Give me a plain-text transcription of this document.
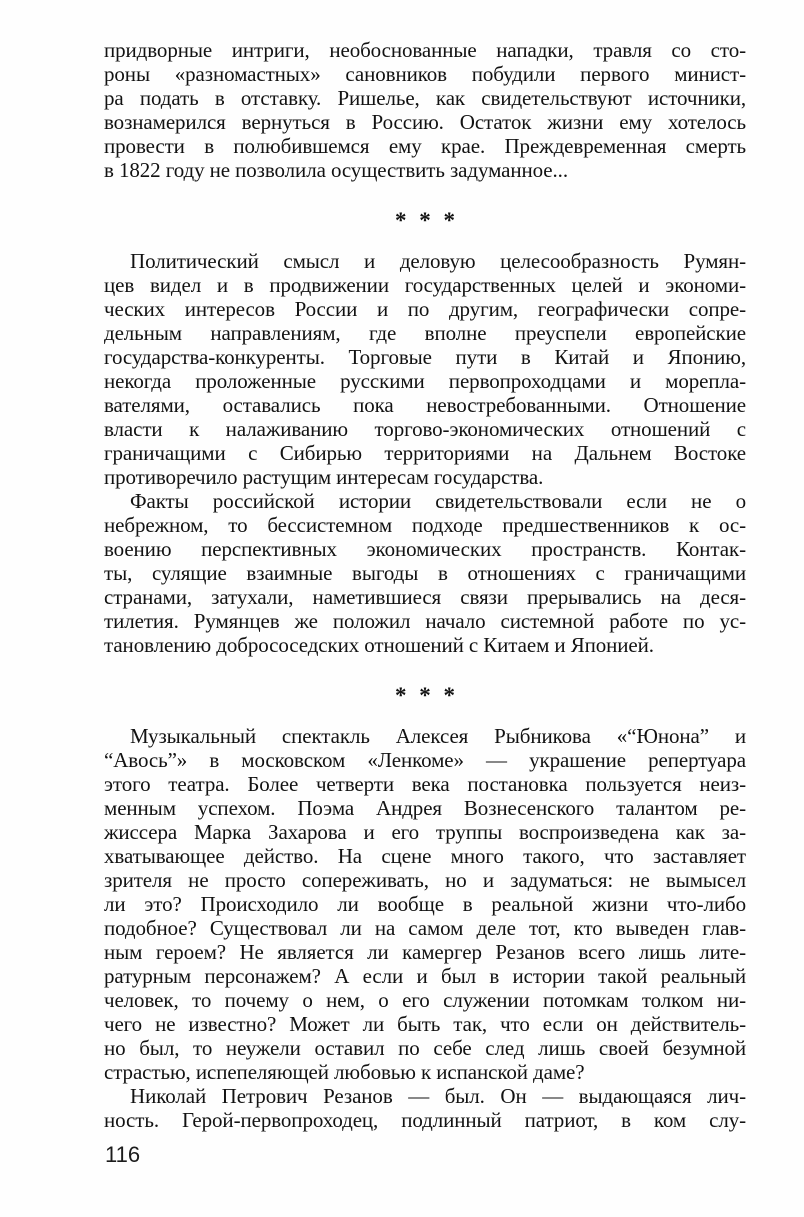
придворные интриги, необоснованные нападки, травля со сто-
роны «разномастных» сановников побудили первого минист-
ра подать в отставку. Ришелье, как свидетельствуют источники,
вознамерился вернуться в Россию. Остаток жизни ему хотелось
провести в полюбившемся ему крае. Преждевременная смерть
в 1822 году не позволила осуществить задуманное...
* * *
Политический смысл и деловую целесообразность Румян-
цев видел и в продвижении государственных целей и экономи-
ческих интересов России и по другим, географически сопре-
дельным направлениям, где вполне преуспели европейские
государства-конкуренты. Торговые пути в Китай и Японию,
некогда проложенные русскими первопроходцами и морепла-
вателями, оставались пока невостребованными. Отношение
власти к налаживанию торгово-экономических отношений с
граничащими с Сибирью территориями на Дальнем Востоке
противоречило растущим интересам государства.
Факты российской истории свидетельствовали если не о
небрежном, то бессистемном подходе предшественников к ос-
воению перспективных экономических пространств. Контак-
ты, сулящие взаимные выгоды в отношениях с граничащими
странами, затухали, наметившиеся связи прерывались на деся-
тилетия. Румянцев же положил начало системной работе по ус-
тановлению добрососедских отношений с Китаем и Японией.
* * *
Музыкальный спектакль Алексея Рыбникова «“Юнона” и
“Авось”» в московском «Ленкоме» — украшение репертуара
этого театра. Более четверти века постановка пользуется неиз-
менным успехом. Поэма Андрея Вознесенского талантом ре-
жиссера Марка Захарова и его труппы воспроизведена как за-
хватывающее действо. На сцене много такого, что заставляет
зрителя не просто сопереживать, но и задуматься: не вымысел
ли это? Происходило ли вообще в реальной жизни что-либо
подобное? Существовал ли на самом деле тот, кто выведен глав-
ным героем? Не является ли камергер Резанов всего лишь лите-
ратурным персонажем? А если и был в истории такой реальный
человек, то почему о нем, о его служении потомкам толком ни-
чего не известно? Может ли быть так, что если он действитель-
но был, то неужели оставил по себе след лишь своей безумной
страстью, испепеляющей любовью к испанской даме?
Николай Петрович Резанов — был. Он — выдающаяся лич-
ность. Герой-первопроходец, подлинный патриот, в ком слу-
116
